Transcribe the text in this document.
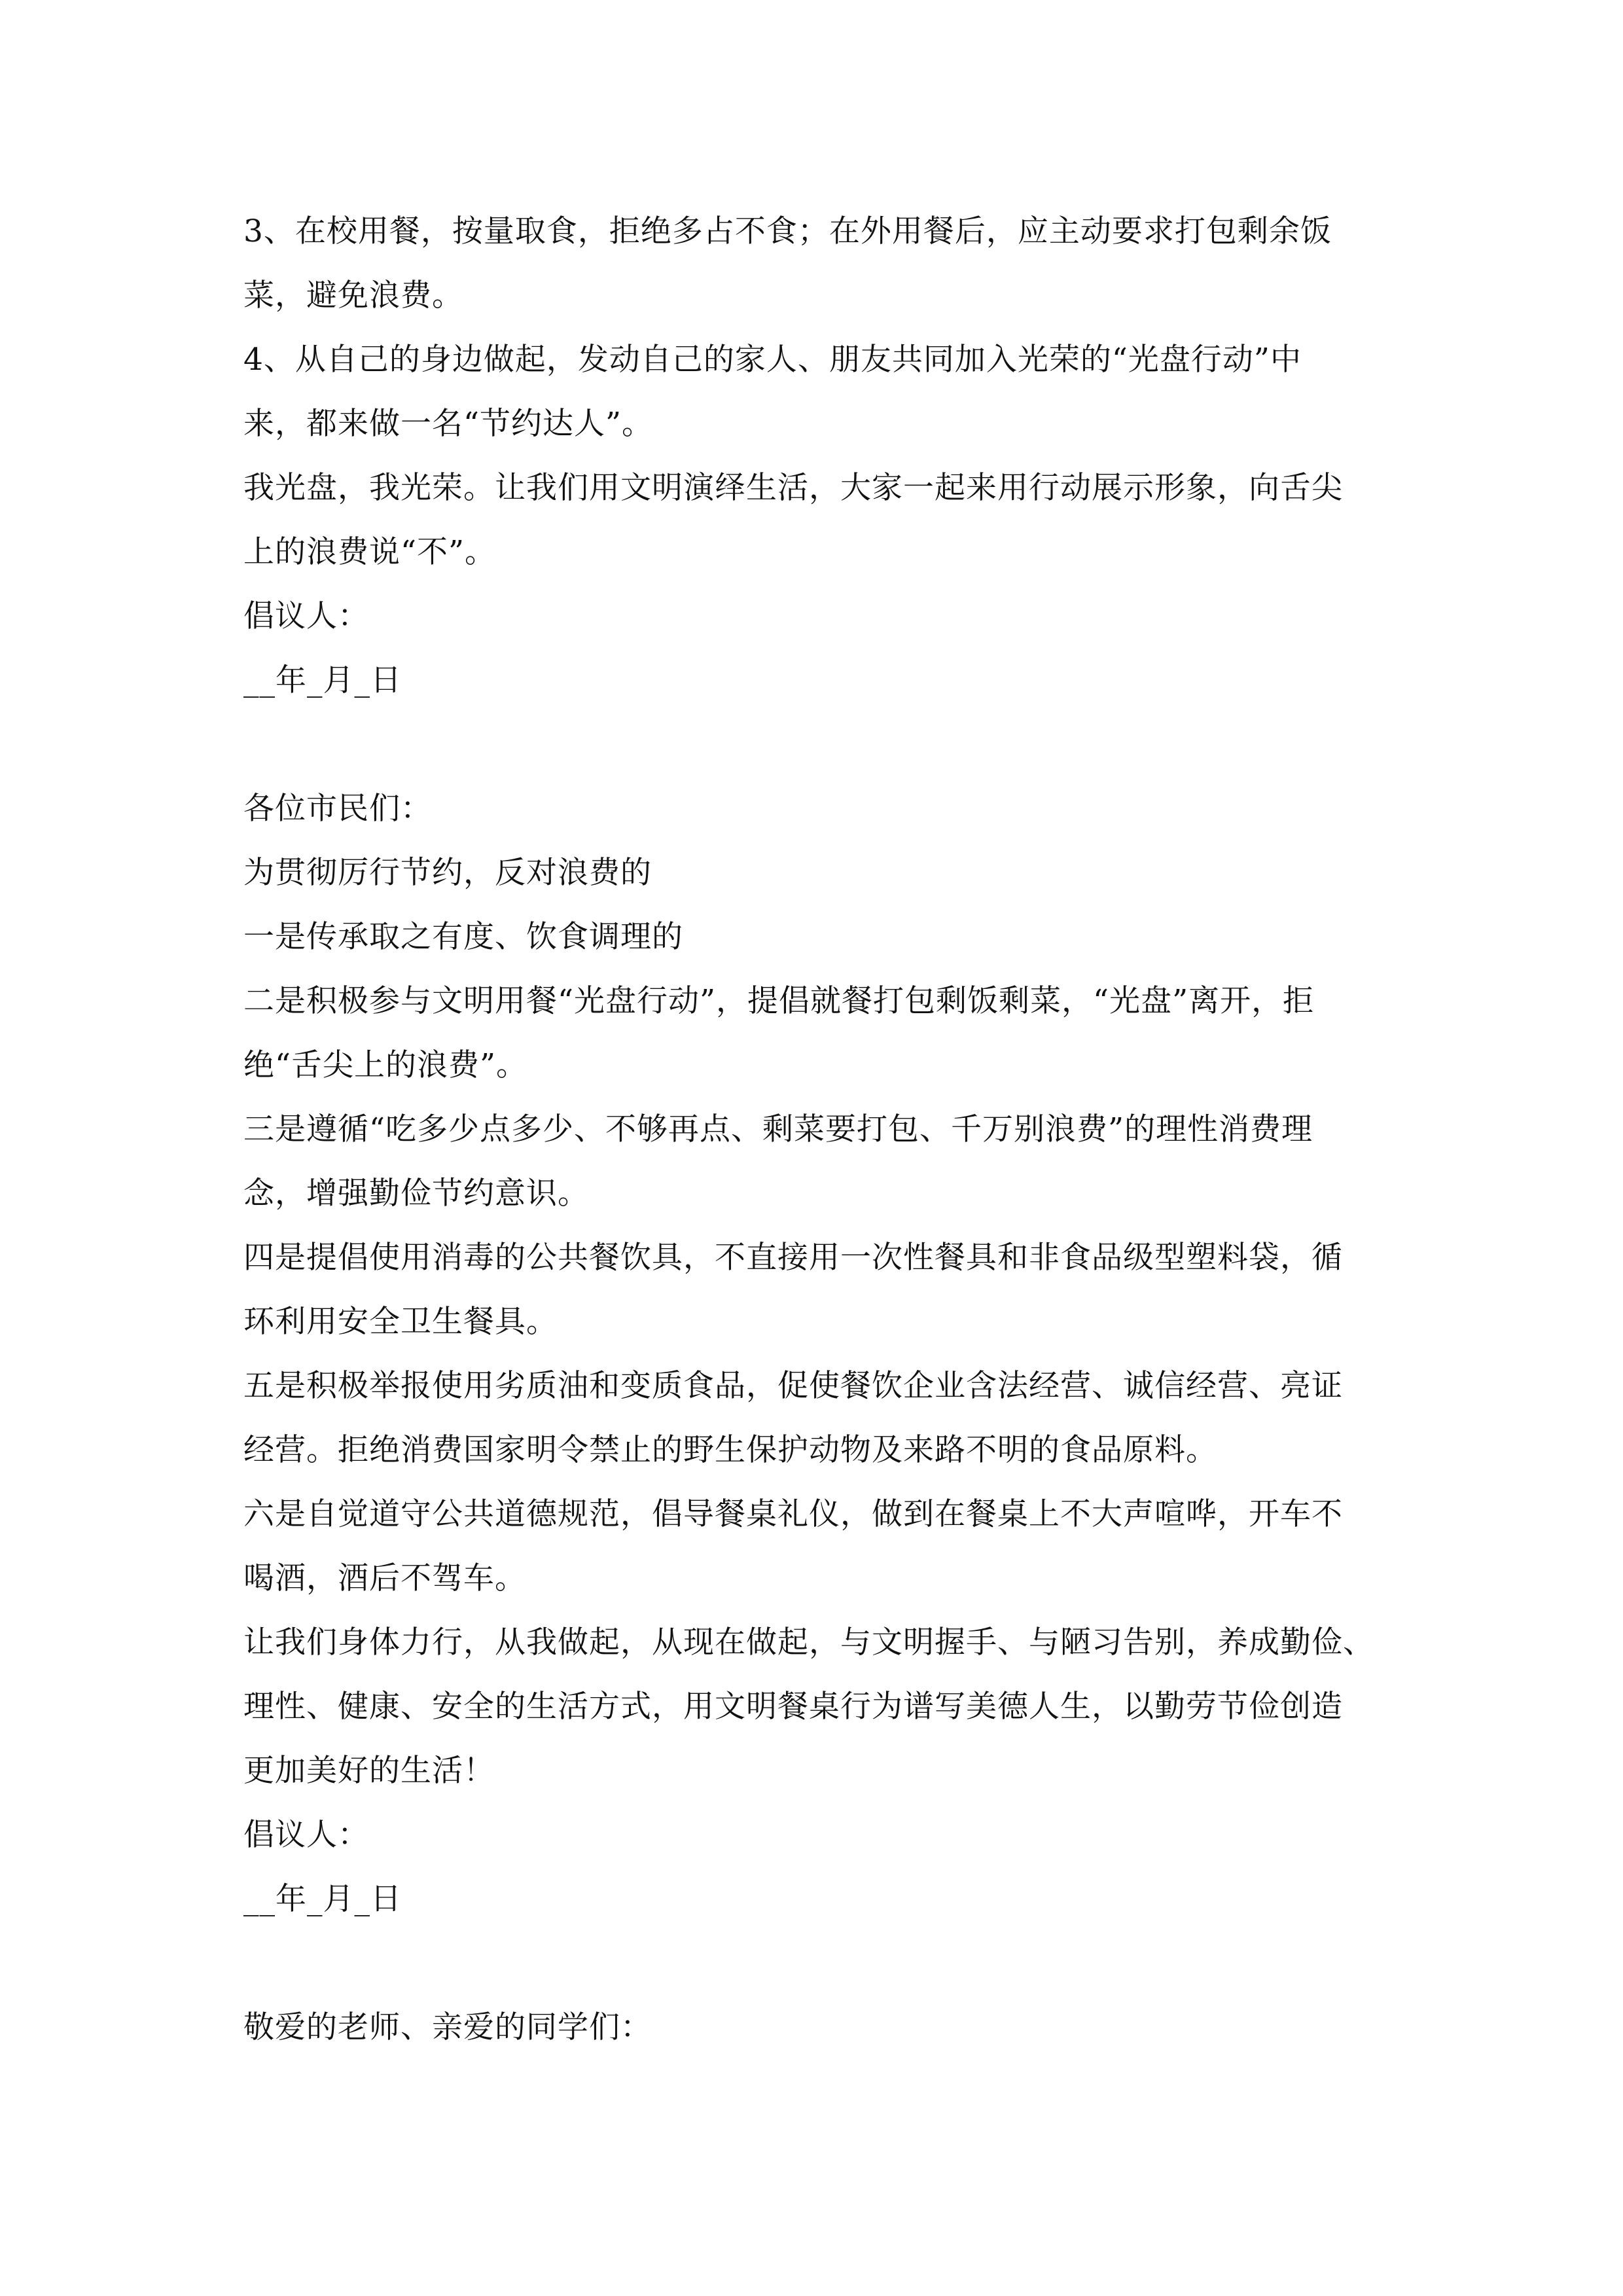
3、在校用餐，按量取食，拒绝多占不食；在外用餐后，应主动要求打包剩余饭
菜，避免浪费。
4、从自己的身边做起，发动自己的家人、朋友共同加入光荣的“光盘行动”中
来，都来做一名“节约达人”。
我光盘，我光荣。让我们用文明演绎生活，大家一起来用行动展示形象，向舌尖
上的浪费说“不”。
倡议人：
__年_月_日
各位市民们：
为贯彻厉行节约，反对浪费的
一是传承取之有度、饮食调理的
二是积极参与文明用餐“光盘行动”，提倡就餐打包剩饭剩菜，“光盘”离开，拒
绝“舌尖上的浪费”。
三是遵循“吃多少点多少、不够再点、剩菜要打包、千万别浪费”的理性消费理
念，增强勤俭节约意识。
四是提倡使用消毒的公共餐饮具，不直接用一次性餐具和非食品级型塑料袋，循
环利用安全卫生餐具。
五是积极举报使用劣质油和变质食品，促使餐饮企业含法经营、诚信经营、亮证
经营。拒绝消费国家明令禁止的野生保护动物及来路不明的食品原料。
六是自觉道守公共道德规范，倡导餐桌礼仪，做到在餐桌上不大声喧哗，开车不
喝酒，酒后不驾车。
让我们身体力行，从我做起，从现在做起，与文明握手、与陋习告别，养成勤俭、
理性、健康、安全的生活方式，用文明餐桌行为谱写美德人生，以勤劳节俭创造
更加美好的生活！
倡议人：
__年_月_日
敬爱的老师、亲爱的同学们：
